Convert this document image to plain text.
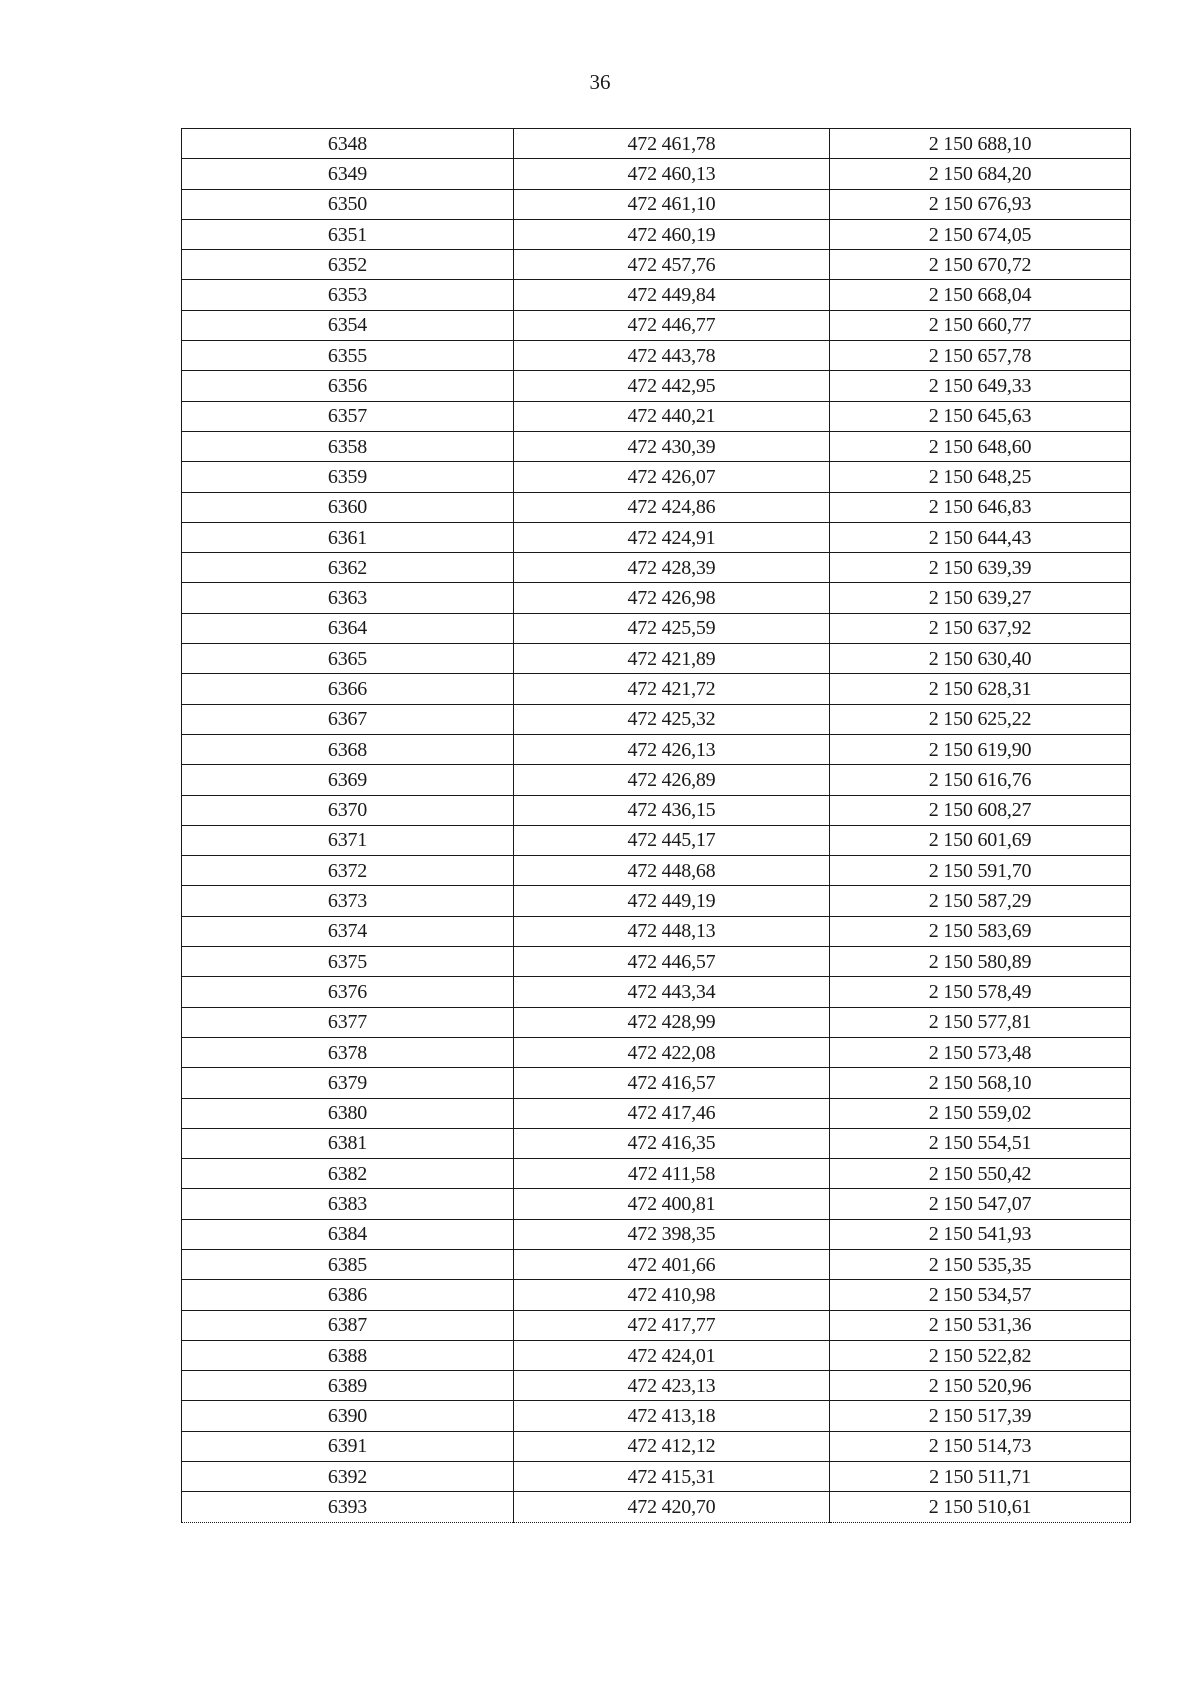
36
6348	472 461,78	2 150 688,10
6349	472 460,13	2 150 684,20
6350	472 461,10	2 150 676,93
6351	472 460,19	2 150 674,05
6352	472 457,76	2 150 670,72
6353	472 449,84	2 150 668,04
6354	472 446,77	2 150 660,77
6355	472 443,78	2 150 657,78
6356	472 442,95	2 150 649,33
6357	472 440,21	2 150 645,63
6358	472 430,39	2 150 648,60
6359	472 426,07	2 150 648,25
6360	472 424,86	2 150 646,83
6361	472 424,91	2 150 644,43
6362	472 428,39	2 150 639,39
6363	472 426,98	2 150 639,27
6364	472 425,59	2 150 637,92
6365	472 421,89	2 150 630,40
6366	472 421,72	2 150 628,31
6367	472 425,32	2 150 625,22
6368	472 426,13	2 150 619,90
6369	472 426,89	2 150 616,76
6370	472 436,15	2 150 608,27
6371	472 445,17	2 150 601,69
6372	472 448,68	2 150 591,70
6373	472 449,19	2 150 587,29
6374	472 448,13	2 150 583,69
6375	472 446,57	2 150 580,89
6376	472 443,34	2 150 578,49
6377	472 428,99	2 150 577,81
6378	472 422,08	2 150 573,48
6379	472 416,57	2 150 568,10
6380	472 417,46	2 150 559,02
6381	472 416,35	2 150 554,51
6382	472 411,58	2 150 550,42
6383	472 400,81	2 150 547,07
6384	472 398,35	2 150 541,93
6385	472 401,66	2 150 535,35
6386	472 410,98	2 150 534,57
6387	472 417,77	2 150 531,36
6388	472 424,01	2 150 522,82
6389	472 423,13	2 150 520,96
6390	472 413,18	2 150 517,39
6391	472 412,12	2 150 514,73
6392	472 415,31	2 150 511,71
6393	472 420,70	2 150 510,61
